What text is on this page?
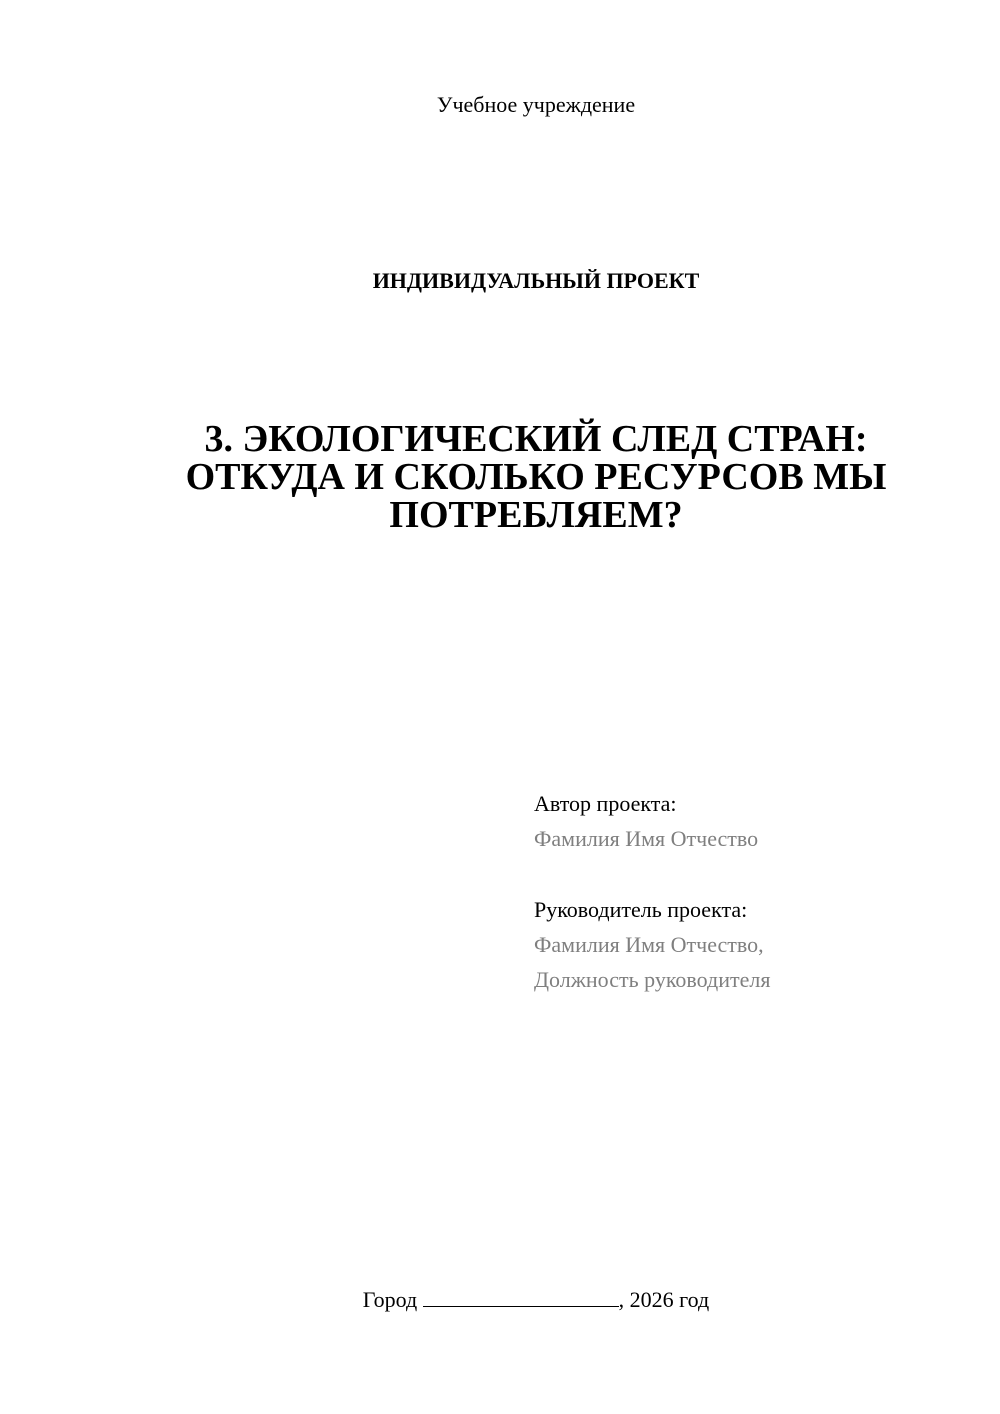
Учебное учреждение
ИНДИВИДУАЛЬНЫЙ ПРОЕКТ
3. ЭКОЛОГИЧЕСКИЙ СЛЕД СТРАН:
ОТКУДА И СКОЛЬКО РЕСУРСОВ МЫ
ПОТРЕБЛЯЕМ?
Автор проекта:
Фамилия Имя Отчество
Руководитель проекта:
Фамилия Имя Отчество,
Должность руководителя
Город	, 2026 год
